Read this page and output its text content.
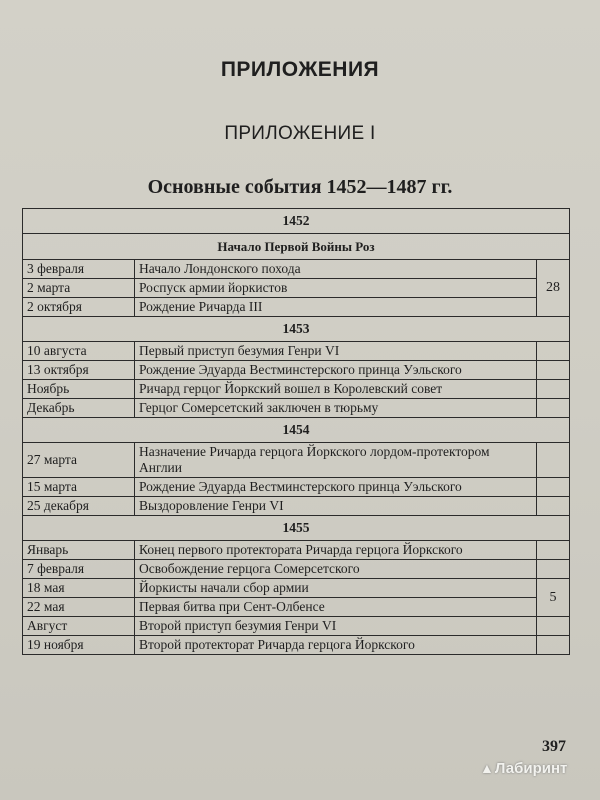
ПРИЛОЖЕНИЯ
ПРИЛОЖЕНИЕ I
Основные события 1452—1487 гг.
1452		
Начало Первой Войны Роз		
3 февраля	Начало Лондонского похода	28
2 марта	Роспуск армии йоркистов	
2 октября	Рождение Ричарда III	
1453		
10 августа	Первый приступ безумия Генри VI	
13 октября	Рождение Эдуарда Вестминстерского принца Уэльского	
Ноябрь	Ричард герцог Йоркский вошел в Королевский совет	
Декабрь	Герцог Сомерсетский заключен в тюрьму	
1454		
27 марта	Назначение Ричарда герцога Йоркского лордом-протектором Англии	
15 марта	Рождение Эдуарда Вестминстерского принца Уэльского	
25 декабря	Выздоровление Генри VI	
1455		
Январь	Конец первого протектората Ричарда герцога Йоркского	
7 февраля	Освобождение герцога Сомерсетского	
18 мая	Йоркисты начали сбор армии	5
22 мая	Первая битва при Сент-Олбенсе	
Август	Второй приступ безумия Генри VI	
19 ноября	Второй протекторат Ричарда герцога Йоркского	
397
▲Лабиринт
